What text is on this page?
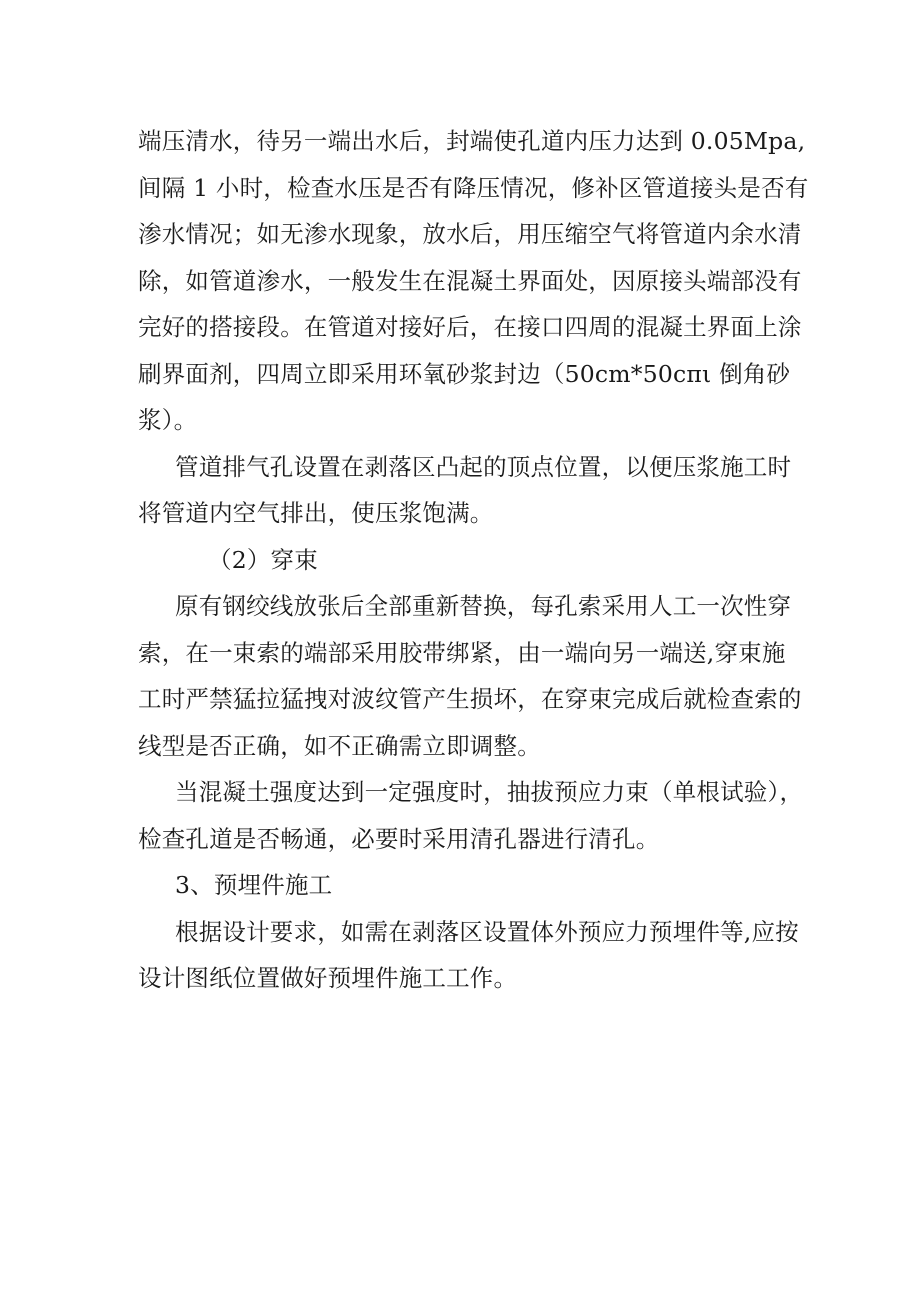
端压清水，待另一端出水后，封端使孔道内压力达到 0.05Mpa,
间隔 1 小时，检查水压是否有降压情况，修补区管道接头是否有
渗水情况；如无渗水现象，放水后，用压缩空气将管道内余水清
除，如管道渗水，一般发生在混凝土界面处，因原接头端部没有
完好的搭接段。在管道对接好后，在接口四周的混凝土界面上涂
刷界面剂，四周立即采用环氧砂浆封边（50cm*50cπι 倒角砂
浆）。
管道排气孔设置在剥落区凸起的顶点位置，以便压浆施工时
将管道内空气排出，使压浆饱满。
（2）穿束
原有钢绞线放张后全部重新替换，每孔索采用人工一次性穿
索，在一束索的端部采用胶带绑紧，由一端向另一端送,穿束施
工时严禁猛拉猛拽对波纹管产生损坏，在穿束完成后就检查索的
线型是否正确，如不正确需立即调整。
当混凝土强度达到一定强度时，抽拔预应力束（单根试验），
检查孔道是否畅通，必要时采用清孔器进行清孔。
3、预埋件施工
根据设计要求，如需在剥落区设置体外预应力预埋件等,应按
设计图纸位置做好预埋件施工工作。
